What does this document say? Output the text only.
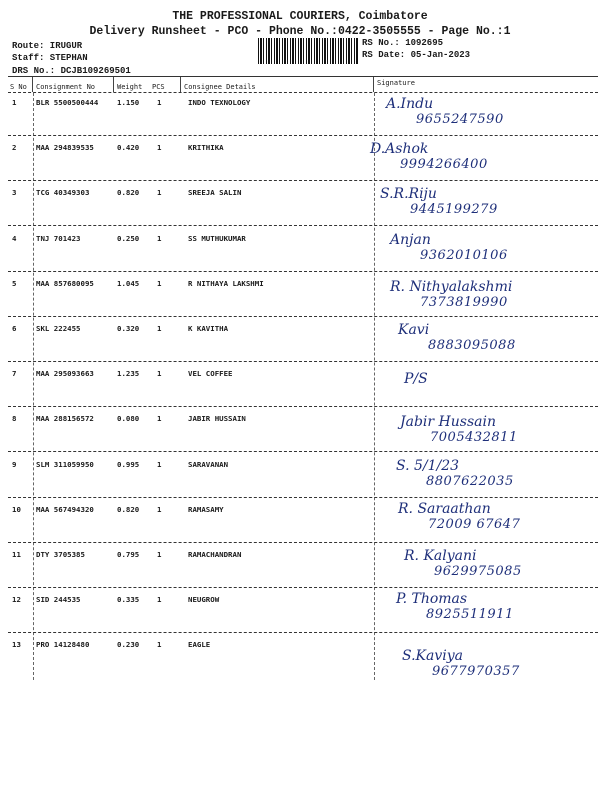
THE PROFESSIONAL COURIERS, Coimbatore
Delivery Runsheet - PCO - Phone No.:0422-3505555 - Page No.:1
Route: IRUGUR
Staff: STEPHAN
DRS No.: DCJB109269501
RS No.: 1092695
RS Date: 05-Jan-2023
S No Consignment No	Weight PCS	Consignee Details	Signature
1	BLR 5500500444	1.150 1	INDO TEXNOLOGY	A.Indu
9655247590
2	MAA 294839535	0.420 1	KRITHIKA	D.Ashok
9994266400
3	TCG 40349303	0.820 1	SREEJA SALIN	S.R.Riju
9445199279
4	TNJ 701423	0.250 1	SS MUTHUKUMAR	Anjan
9362010106
5	MAA 857680095	1.045 1	R NITHAYA LAKSHMI	R. Nithyalakshmi
7373819990
6	SKL 222455	0.320 1	K KAVITHA	Kavi
8883095088
7	MAA 295093663	1.235 1	VEL COFFEE	P/S
8	MAA 288156572	0.080 1	JABIR HUSSAIN	Jabir Hussain
7005432811
9	SLM 311059950	0.995 1	SARAVANAN	S. 5/1/23
8807622035
10 MAA 567494320	0.820 1	RAMASAMY	R. Saraathan
72009 67647
11 DTY 3705385	0.795 1	RAMACHANDRAN	R. Kalyani
9629975085
12 SID 244535	0.335 1	NEUGROW	P. Thomas
8925511911
13 PRO 14128480	0.230 1	EAGLE
S.Kaviya
9677970357
